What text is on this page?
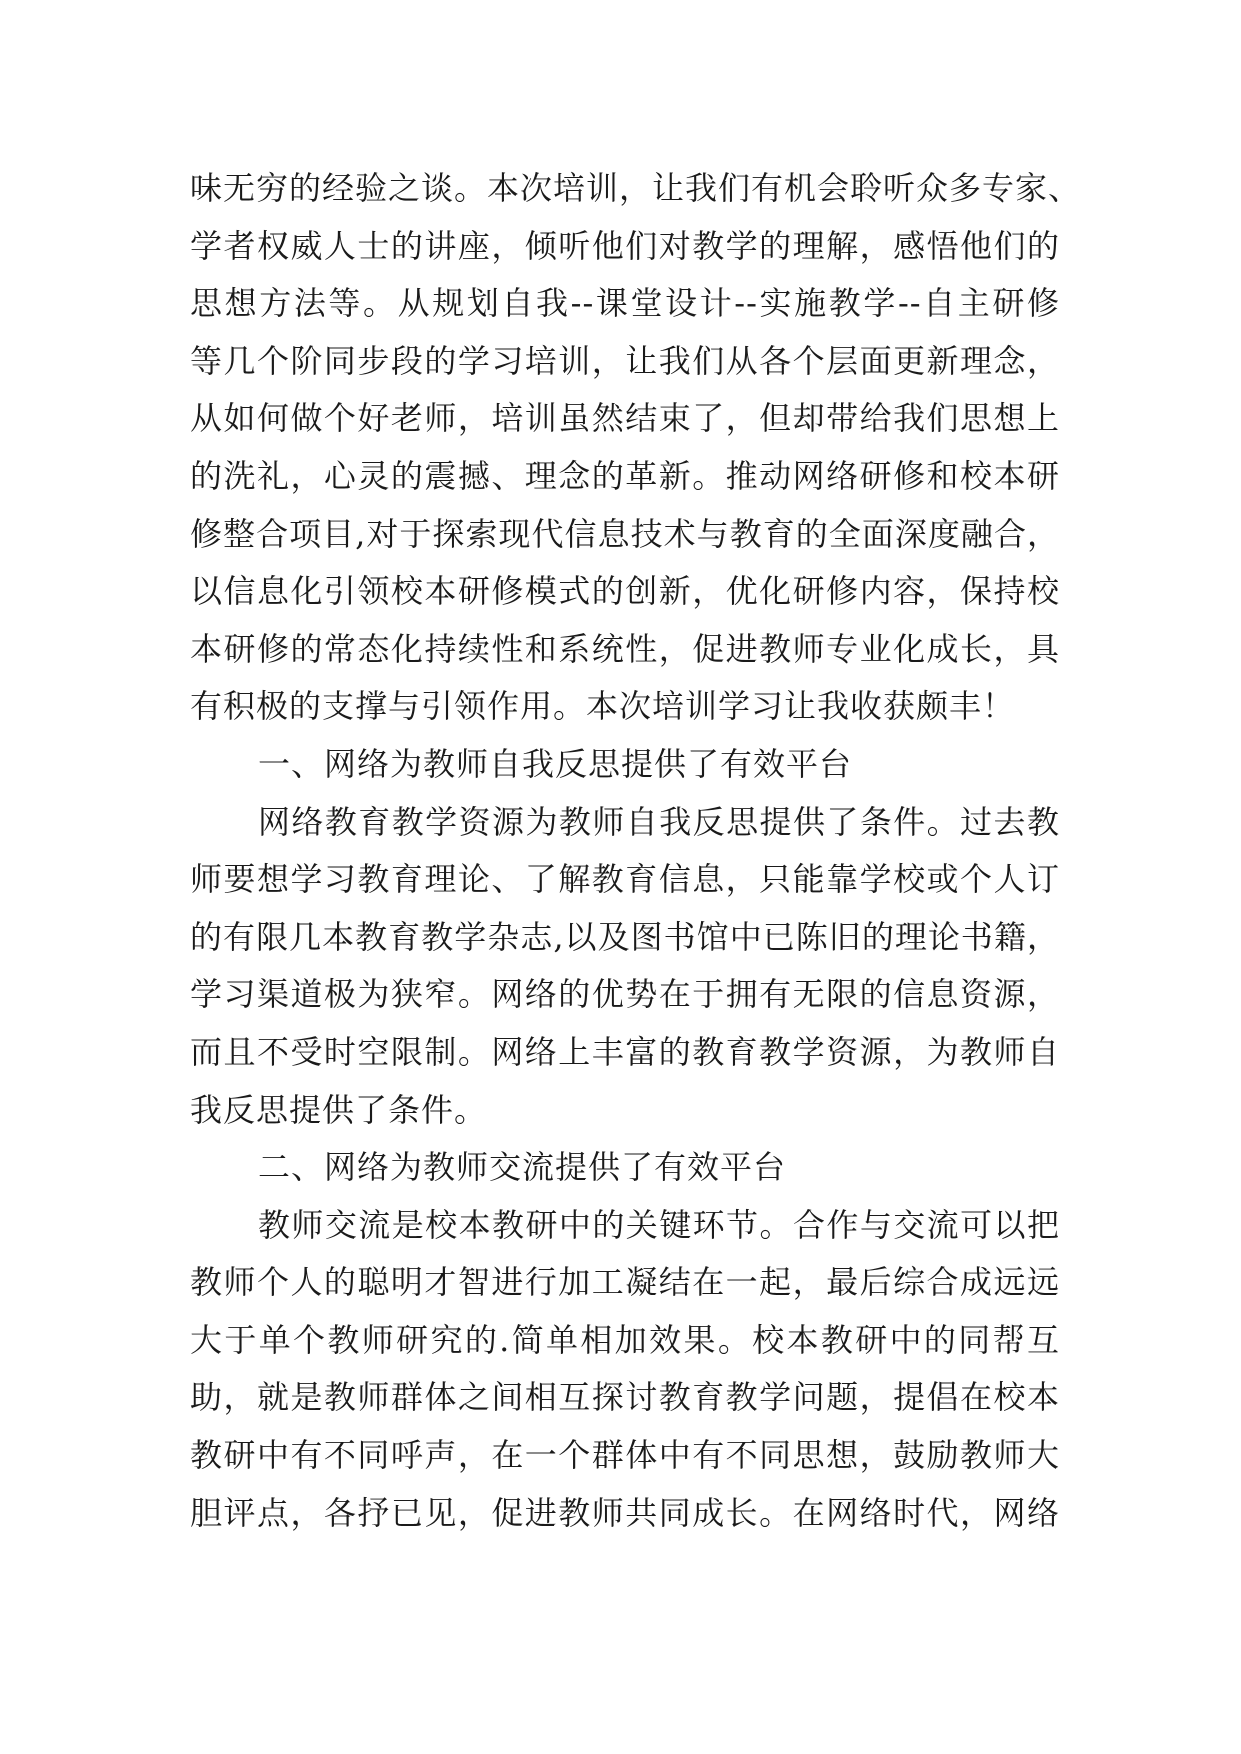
味无穷的经验之谈。本次培训，让我们有机会聆听众多专家、
学者权威人士的讲座，倾听他们对教学的理解，感悟他们的
思想方法等。从规划自我--课堂设计--实施教学--自主研修
等几个阶同步段的学习培训，让我们从各个层面更新理念，
从如何做个好老师，培训虽然结束了，但却带给我们思想上
的洗礼，心灵的震撼、理念的革新。推动网络研修和校本研
修整合项目,对于探索现代信息技术与教育的全面深度融合，
以信息化引领校本研修模式的创新，优化研修内容，保持校
本研修的常态化持续性和系统性，促进教师专业化成长，具
有积极的支撑与引领作用。本次培训学习让我收获颇丰！
一、网络为教师自我反思提供了有效平台
网络教育教学资源为教师自我反思提供了条件。过去教
师要想学习教育理论、了解教育信息，只能靠学校或个人订
的有限几本教育教学杂志,以及图书馆中已陈旧的理论书籍，
学习渠道极为狭窄。网络的优势在于拥有无限的信息资源，
而且不受时空限制。网络上丰富的教育教学资源，为教师自
我反思提供了条件。
二、网络为教师交流提供了有效平台
教师交流是校本教研中的关键环节。合作与交流可以把
教师个人的聪明才智进行加工凝结在一起，最后综合成远远
大于单个教师研究的.简单相加效果。校本教研中的同帮互
助，就是教师群体之间相互探讨教育教学问题，提倡在校本
教研中有不同呼声，在一个群体中有不同思想，鼓励教师大
胆评点，各抒已见，促进教师共同成长。在网络时代，网络
